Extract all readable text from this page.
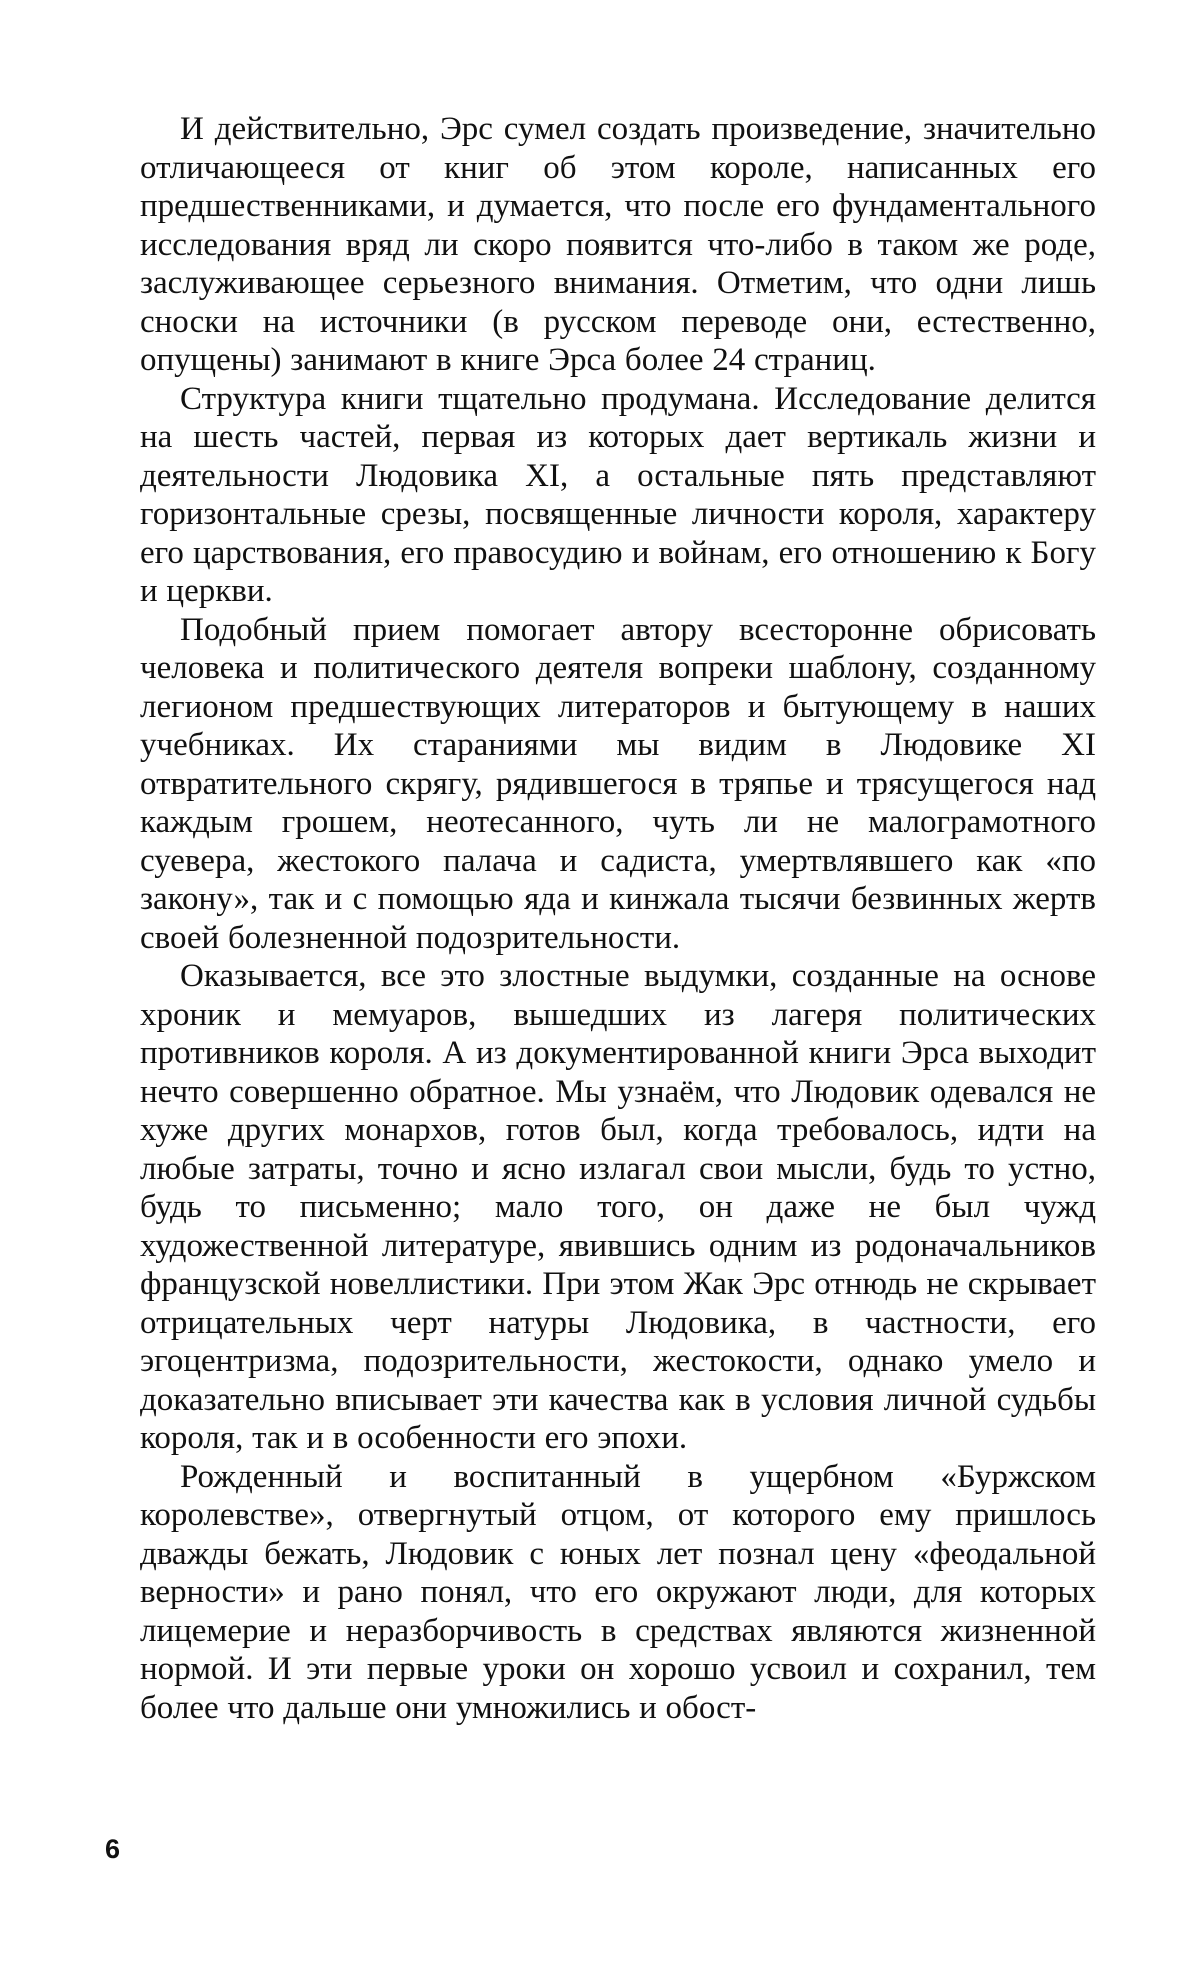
И действительно, Эрс сумел создать произведение, значительно отличающееся от книг об этом короле, написанных его предшественниками, и думается, что после его фундаментального исследования вряд ли скоро появится что-либо в таком же роде, заслуживающее серьезного внимания. Отметим, что одни лишь сноски на источники (в русском переводе они, естественно, опущены) занимают в книге Эрса более 24 страниц.

Структура книги тщательно продумана. Исследование делится на шесть частей, первая из которых дает вертикаль жизни и деятельности Людовика XI, а остальные пять представляют горизонтальные срезы, посвященные личности короля, характеру его царствования, его правосудию и войнам, его отношению к Богу и церкви.

Подобный прием помогает автору всесторонне обрисовать человека и политического деятеля вопреки шаблону, созданному легионом предшествующих литераторов и бытующему в наших учебниках. Их стараниями мы видим в Людовике XI отвратительного скрягу, рядившегося в тряпье и трясущегося над каждым грошем, неотесанного, чуть ли не малограмотного суевера, жестокого палача и садиста, умертвлявшего как «по закону», так и с помощью яда и кинжала тысячи безвинных жертв своей болезненной подозрительности.

Оказывается, все это злостные выдумки, созданные на основе хроник и мемуаров, вышедших из лагеря политических противников короля. А из документированной книги Эрса выходит нечто совершенно обратное. Мы узнаём, что Людовик одевался не хуже других монархов, готов был, когда требовалось, идти на любые затраты, точно и ясно излагал свои мысли, будь то устно, будь то письменно; мало того, он даже не был чужд художественной литературе, явившись одним из родоначальников французской новеллистики. При этом Жак Эрс отнюдь не скрывает отрицательных черт натуры Людовика, в частности, его эгоцентризма, подозрительности, жестокости, однако умело и доказательно вписывает эти качества как в условия личной судьбы короля, так и в особенности его эпохи.

Рожденный и воспитанный в ущербном «Буржском королевстве», отвергнутый отцом, от которого ему пришлось дважды бежать, Людовик с юных лет познал цену «феодальной верности» и рано понял, что его окружают люди, для которых лицемерие и неразборчивость в средствах являются жизненной нормой. И эти первые уроки он хорошо усвоил и сохранил, тем более что дальше они умножились и обост-

6
